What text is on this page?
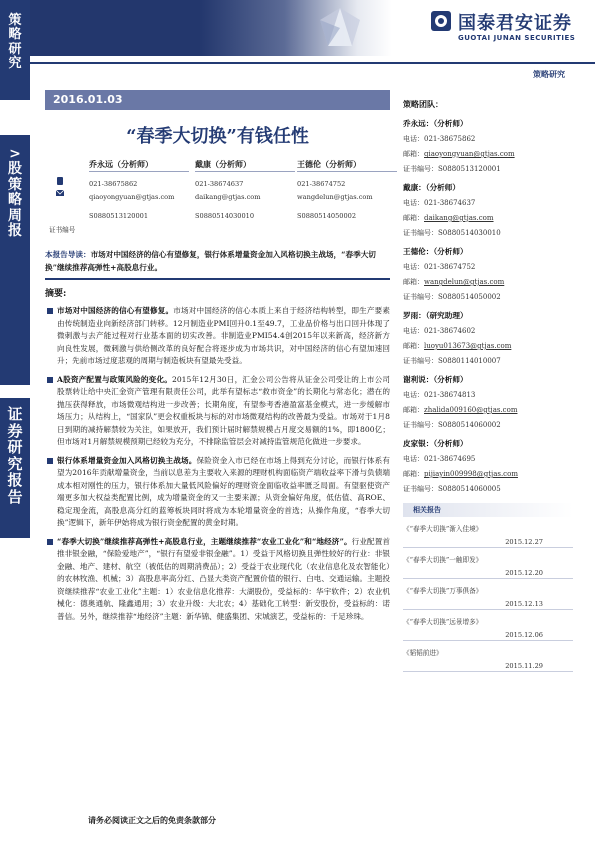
策
略
研
究
>
股
策
略
周
报
证
券
研
究
报
告
国泰君安证券
GUOTAI JUNAN SECURITIES
策略研究
2016.01.03
“春季大切换”有钱任性
乔永远（分析师）
021-38675862
qiaoyongyuan@gtjas.com
S0880513120001
戴康（分析师）
021-38674637
daikang@gtjas.com
S0880514030010
王德伦（分析师）
021-38674752
wangdelun@gtjas.com
S0880514050002
证书编号
本报告导读：市场对中国经济的信心有望修复，银行体系增量资金加入风格切换主战场，“春季大切换”继续推荐高弹性+高股息行业。
摘要:
市场对中国经济的信心有望修复。市场对中国经济的信心本质上来自于经济结构转型，即生产要素由传统制造业向新经济部门转移。12月制造业PMI回升0.1至49.7，工业品价格与出口回升体现了微刺激与去产能过程对行业基本面的切实改善。非制造业PMI54.4创2015年以来新高，经济新方向良性发展，微刺激与供给侧改革的良好配合将逐步成为市场共识，对中国经济的信心有望加速回升；先前市场过度悲观的周期与制造板块有望最先受益。
A股资产配置与政策风险的变化。2015年12月30日，汇金公司公告将从证金公司受让的上市公司股票转让给中央汇金资产管理有限责任公司，此举有望标志“救市资金”的长期化与常态化；潜在的抛压获得释放，市场微观结构进一步改善；长期角度，有望参考香港盈富基金模式，进一步缓解市场压力；从结构上，“国家队”更会权重板块与标的对市场微观结构的改善最为受益。市场对于1月8日到期的减持解禁较为关注，如果放开，我们预计届时解禁规模占月度交易额的1%，即1800亿；但市场对1月解禁规模预期已经较为充分，不排除监管层会对减持监管规范化做进一步要求。
银行体系增量资金加入风格切换主战场。保险资金入市已经在市场上得到充分讨论，而银行体系有望为2016年贡献增量资金，当前以息差为主要收入来源的理财机构面临资产端收益率下滑与负债端成本相对刚性的压力，银行体系加大量低风险偏好的理财资金面临收益率匮乏局面。有望驱使资产端更多加大权益类配置比例，成为增量资金的又一主要来源；从资金偏好角度，低估值、高ROE、稳定现金流，高股息高分红的蓝筹板块同时将成为本轮增量资金的首选；从操作角度，“春季大切换”逻辑下，新年伊始将成为银行资金配置的黄金时期。
“春季大切换”继续推荐高弹性+高股息行业，主题继续推荐“农业工业化”和“地经济”。行业配置首推非银金融，“保险爱地产”，“银行有望爱非银金融”。1）受益于风格切换且弹性较好的行业：非银金融、地产、建材、航空（被低估的周期消费品）；2）受益于农业现代化（农业信息化及农智能化）的农林牧渔、机械；3）高股息率高分红、凸显大类资产配置价值的银行、白电、交通运输。主题投资继续推荐“农业工业化”主题：1）农业信息化推荐：大湖股份，受益标的：华宇软件；2）农业机械化：德奥通航、隆鑫通用；3）农业升级：大北农；4）基础化工转型：新安股份，受益标的：诺普信。另外，继续推荐“地经济”主题：新华锦、健盛集团、宋城演艺，受益标的：千足珍珠。
请务必阅读正文之后的免责条款部分
策略团队：
乔永远：（分析师）
电话：021-38675862
邮箱：qiaoyongyuan@gtjas.com
证书编号：S0880513120001
戴康：（分析师）
电话：021-38674637
邮箱：daikang@gtjas.com
证书编号：S0880514030010
王德伦：（分析师）
电话：021-38674752
邮箱：wangdelun@gtjas.com
证书编号：S0880514050002
罗雨：（研究助理）
电话：021-38674602
邮箱：luoyu013673@gtjas.com
证书编号：S0880114010007
谢利说：（分析师）
电话：021-38674813
邮箱：zhalida009160@gtjas.com
证书编号：S0880514060002
皮家银：（分析师）
电话：021-38674695
邮箱：pijiayin009998@gtjas.com
证书编号：S0880514060005
相关报告
《“春季大切换”渐入佳境》
2015.12.27
《“春季大切换”一触即发》
2015.12.20
《“春季大切换”万事俱备》
2015.12.13
《“春季大切换”远景增多》
2015.12.06
《韬韬前进》
2015.11.29
